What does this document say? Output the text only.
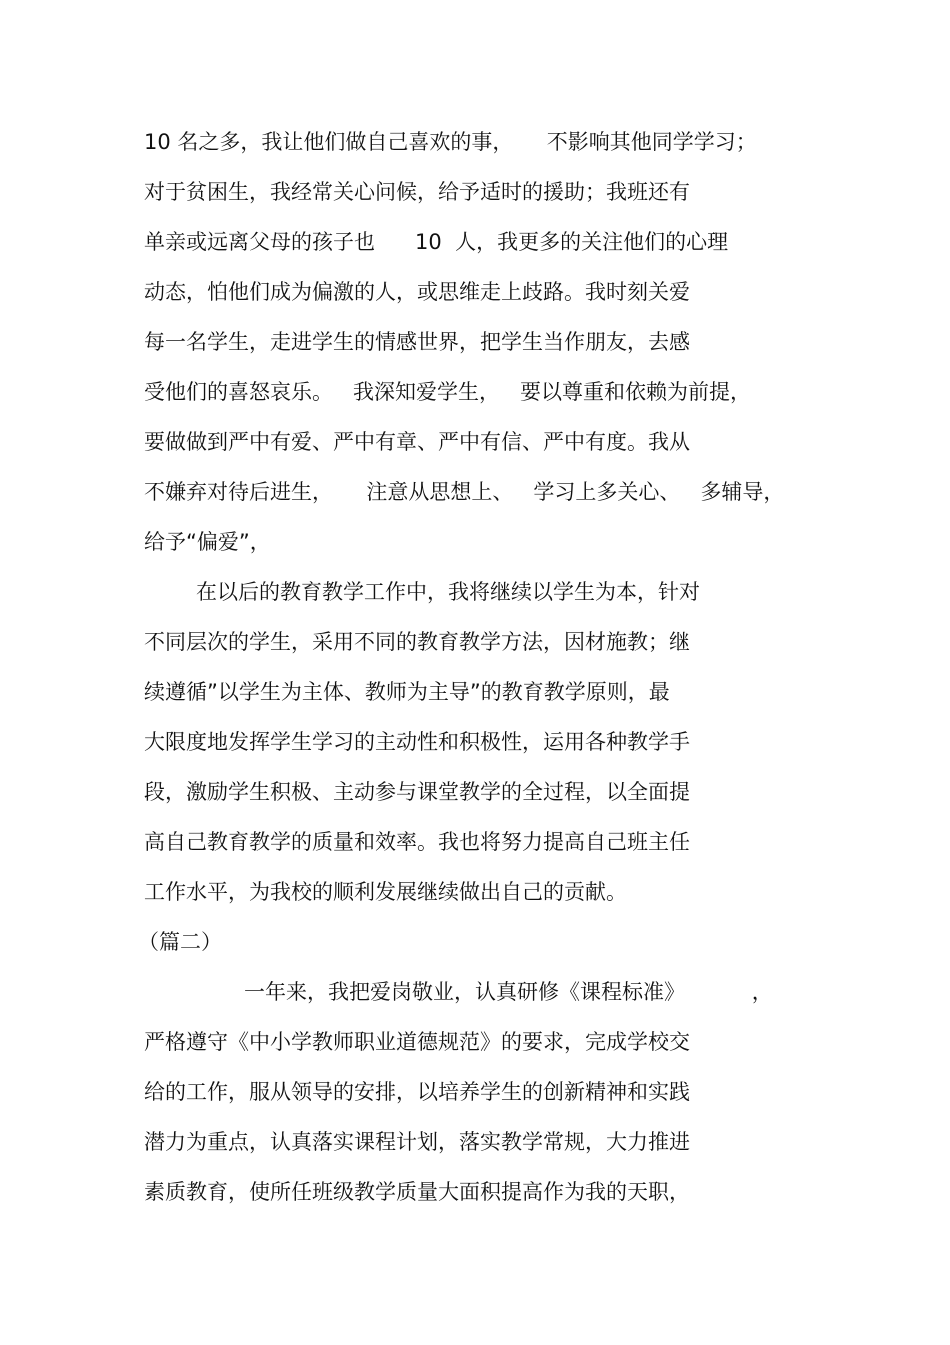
10 名之多，我让他们做自己喜欢的事，     不影响其他同学学习；

对于贫困生，我经常关心问候，给予适时的援助；我班还有

单亲或远离父母的孩子也      10  人，我更多的关注他们的心理

动态，怕他们成为偏激的人，或思维走上歧路。我时刻关爱

每一名学生，走进学生的情感世界，把学生当作朋友，去感

受他们的喜怒哀乐。   我深知爱学生，   要以尊重和依赖为前提，

要做做到严中有爱、严中有章、严中有信、严中有度。我从

不嫌弃对待后进生，     注意从思想上、   学习上多关心、   多辅导，

给予“偏爱”，

在以后的教育教学工作中，我将继续以学生为本，针对

不同层次的学生，采用不同的教育教学方法，因材施教；继

续遵循”以学生为主体、教师为主导”的教育教学原则，最

大限度地发挥学生学习的主动性和积极性，运用各种教学手

段，激励学生积极、主动参与课堂教学的全过程，以全面提

高自己教育教学的质量和效率。我也将努力提高自己班主任

工作水平，为我校的顺利发展继续做出自己的贡献。

（篇二）

一年来，我把爱岗敬业，认真研修《课程标准》          ，

严格遵守《中小学教师职业道德规范》的要求，完成学校交

给的工作，服从领导的安排，以培养学生的创新精神和实践

潜力为重点，认真落实课程计划，落实教学常规，大力推进

素质教育，使所任班级教学质量大面积提高作为我的天职，
